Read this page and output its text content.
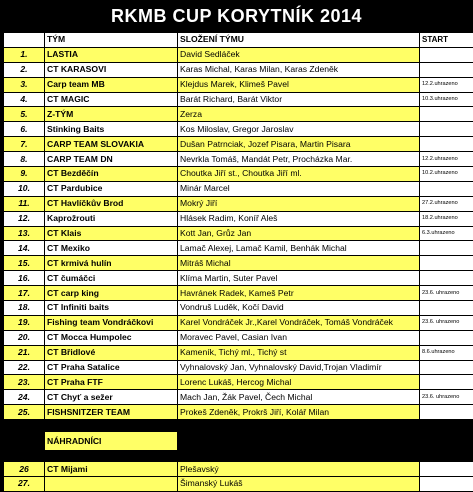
RKMB CUP KORYTNÍK 2014
	TÝM	SLOŽENÍ TÝMU	START
1.	LASTIA	David Sedláček	
2.	CT KARASOVI	Karas Michal, Karas Milan, Karas Zdeněk	
3.	Carp team MB	Klejdus Marek, Klimeš Pavel	12.2.uhrazeno
4.	CT MAGIC	Barát Richard, Barát Viktor	10.3.uhrazeno
5.	Z-TÝM	Zerza	
6.	Stinking Baits	Kos Miloslav, Gregor Jaroslav	
7.	CARP TEAM SLOVAKIA	Dušan Patrnciak, Jozef Pisara, Martin Pisara	
8.	CARP TEAM DN	Nevrkla Tomáš, Mandát Petr, Procházka Mar.	12.2.uhrazeno
9.	CT Bezděčín	Choutka Jiří st., Choutka Jiří ml.	10.2.uhrazeno
10.	CT Pardubice	Minár Marcel	
11.	CT Havlíčkův Brod	Mokrý Jiří	27.2.uhrazeno
12.	Kaprožrouti	Hlásek Radim, Koníř Aleš	18.2.uhrazeno
13.	CT Klais	Kott Jan, Grůz Jan	6.3.uhrazeno
14.	CT Mexiko	Lamač Alexej, Lamač Kamil, Benhák Michal	
15.	CT krmivá hulín	Mitráš Michal	
16.	CT čumáčci	Klíma Martin, Suter Pavel	
17.	CT carp king	Havránek Radek, Kameš Petr	23.6. uhrazeno
18.	CT Infiniti baits	Vondruš Luděk, Kočí David	
19.	Fishing team Vondráčkovi	Karel Vondráček Jr.,Karel Vondráček, Tomáš Vondráček	23.6. uhrazeno
20.	CT Mocca Humpolec	Moravec Pavel, Casian Ivan	
21.	CT Břidlové	Kameník, Tichý ml., Tichý st	8.6.uhrazeno
22.	CT Praha Satalice	Vyhnalovský Jan, Vyhnalovský David,Trojan Vladimír	
23.	CT Praha FTF	Lorenc Lukáš, Hercog Michal	
24.	CT Chyť a sežer	Mach Jan, Žák Pavel, Čech Michal	23.6. uhrazeno
25.	FISHSNITZER TEAM	Prokeš Zdeněk, Prokrš Jiří, Kolář Milan	

	NÁHRADNÍCI		

26	CT Mijami	Plešavský	
27.		Šimanský Lukáš	
